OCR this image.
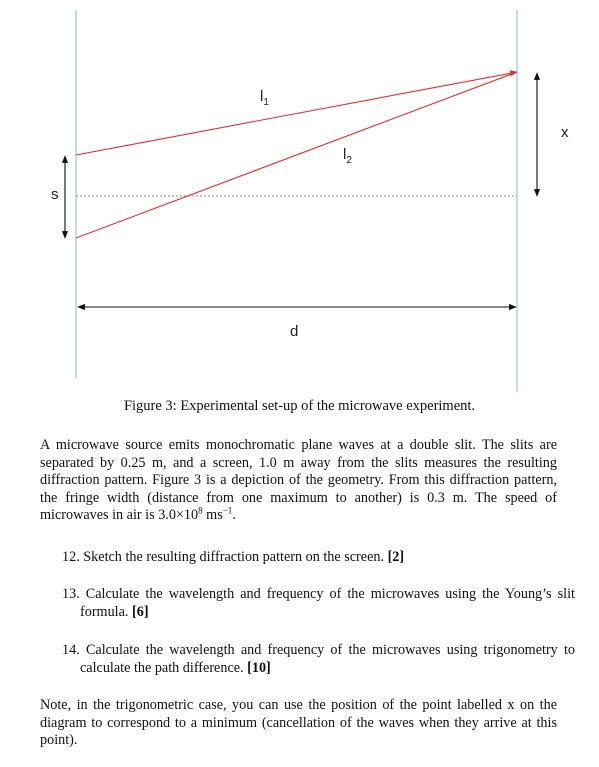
$l_1$
$l_2$
x
s
d
Figure 3: Experimental set-up of the microwave experiment.
A microwave source emits monochromatic plane waves at a double slit. The slits are separated by 0.25 m, and a screen, 1.0 m away from the slits measures the resulting diffraction pattern. Figure 3 is a depiction of the geometry. From this diffraction pattern, the fringe width (distance from one maximum to another) is 0.3 m. The speed of microwaves in air is $3.0\times 10^8$ $ms^{-1}$.
12. Sketch the resulting diffraction pattern on the screen. [2]
13. Calculate the wavelength and frequency of the microwaves using the Young’s slit formula. [6]
14. Calculate the wavelength and frequency of the microwaves using trigonometry to calculate the path difference. [10]
Note, in the trigonometric case, you can use the position of the point labelled x on the diagram to correspond to a minimum (cancellation of the waves when they arrive at this point).
